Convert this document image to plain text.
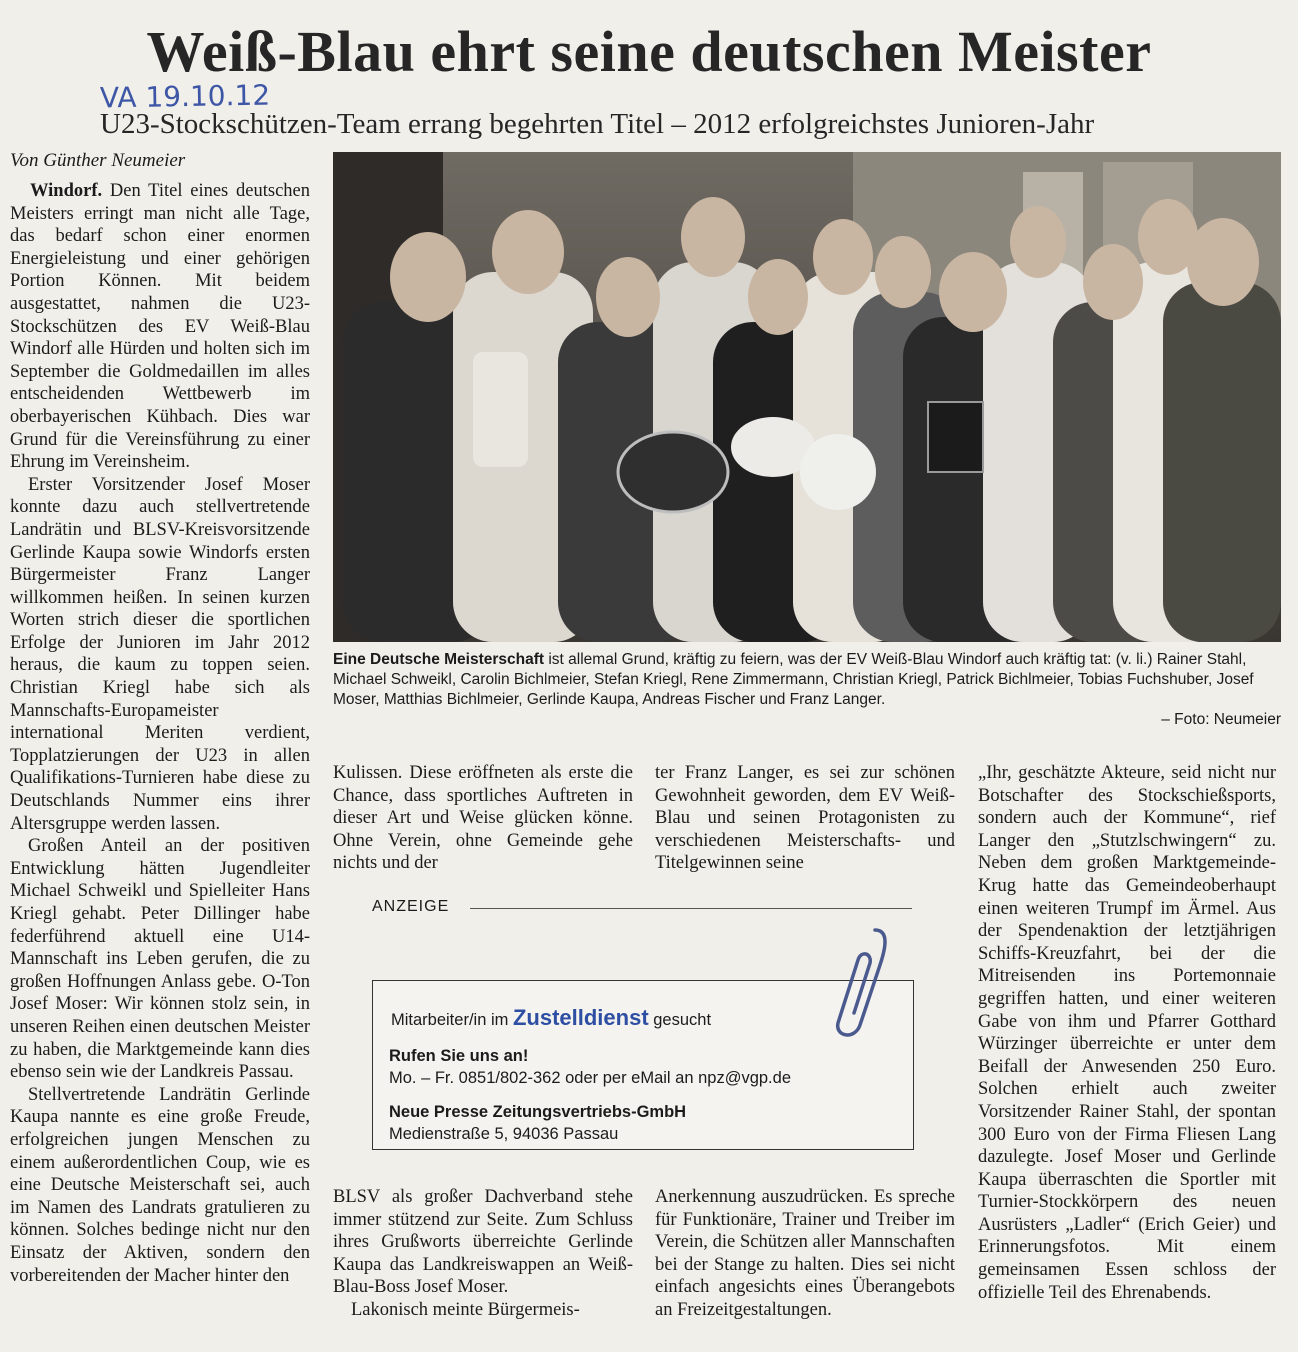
Weiß-Blau ehrt seine deutschen Meister
VA 19.10.12
U23-Stockschützen-Team errang begehrten Titel – 2012 erfolgreichstes Junioren-Jahr
Von Günther Neumeier

Windorf. Den Titel eines deutschen Meisters erringt man nicht alle Tage, das bedarf schon einer enormen Energieleistung und einer gehörigen Portion Können. Mit beidem ausgestattet, nahmen die U23-Stockschützen des EV Weiß-Blau Windorf alle Hürden und holten sich im September die Goldmedaillen im alles entscheidenden Wettbewerb im oberbayerischen Kühbach. Dies war Grund für die Vereinsführung zu einer Ehrung im Vereinsheim.

Erster Vorsitzender Josef Moser konnte dazu auch stellvertretende Landrätin und BLSV-Kreisvorsitzende Gerlinde Kaupa sowie Windorfs ersten Bürgermeister Franz Langer willkommen heißen. In seinen kurzen Worten strich dieser die sportlichen Erfolge der Junioren im Jahr 2012 heraus, die kaum zu toppen seien. Christian Kriegl habe sich als Mannschafts-Europameister international Meriten verdient, Topplatzierungen der U23 in allen Qualifikations-Turnieren habe diese zu Deutschlands Nummer eins ihrer Altersgruppe werden lassen.

Großen Anteil an der positiven Entwicklung hätten Jugendleiter Michael Schweikl und Spielleiter Hans Kriegl gehabt. Peter Dillinger habe federführend aktuell eine U14-Mannschaft ins Leben gerufen, die zu großen Hoffnungen Anlass gebe. O-Ton Josef Moser: Wir können stolz sein, in unseren Reihen einen deutschen Meister zu haben, die Marktgemeinde kann dies ebenso sein wie der Landkreis Passau.

Stellvertretende Landrätin Gerlinde Kaupa nannte es eine große Freude, erfolgreichen jungen Menschen zu einem außerordentlichen Coup, wie es eine Deutsche Meisterschaft sei, auch im Namen des Landrats gratulieren zu können. Solches bedinge nicht nur den Einsatz der Aktiven, sondern den vorbereitenden der Macher hinter den

Eine Deutsche Meisterschaft ist allemal Grund, kräftig zu feiern, was der EV Weiß-Blau Windorf auch kräftig tat: (v. li.) Rainer Stahl, Michael Schweikl, Carolin Bichlmeier, Stefan Kriegl, Rene Zimmermann, Christian Kriegl, Patrick Bichlmeier, Tobias Fuchshuber, Josef Moser, Matthias Bichlmeier, Gerlinde Kaupa, Andreas Fischer und Franz Langer.
– Foto: Neumeier

Kulissen. Diese eröffneten als erste die Chance, dass sportliches Auftreten in dieser Art und Weise glücken könne. Ohne Verein, ohne Gemeinde gehe nichts und der

ter Franz Langer, es sei zur schönen Gewohnheit geworden, dem EV Weiß-Blau und seinen Protagonisten zu verschiedenen Meisterschafts- und Titelgewinnen seine

„Ihr, geschätzte Akteure, seid nicht nur Botschafter des Stockschießsports, sondern auch der Kommune“, rief Langer den „Stutzlschwingern“ zu. Neben dem großen Marktgemeinde-Krug hatte das Gemeindeoberhaupt einen weiteren Trumpf im Ärmel. Aus der Spendenaktion der letztjährigen Schiffs-Kreuzfahrt, bei der die Mitreisenden ins Portemonnaie gegriffen hatten, und einer weiteren Gabe von ihm und Pfarrer Gotthard Würzinger überreichte er unter dem Beifall der Anwesenden 250 Euro. Solchen erhielt auch zweiter Vorsitzender Rainer Stahl, der spontan 300 Euro von der Firma Fliesen Lang dazulegte. Josef Moser und Gerlinde Kaupa überraschten die Sportler mit Turnier-Stockkörpern des neuen Ausrüsters „Ladler“ (Erich Geier) und Erinnerungsfotos. Mit einem gemeinsamen Essen schloss der offizielle Teil des Ehrenabends.

ANZEIGE
Mitarbeiter/in im Zustelldienst gesucht
Rufen Sie uns an!
Mo. – Fr. 0851/802-362 oder per eMail an npz@vgp.de
Neue Presse Zeitungsvertriebs-GmbH
Medienstraße 5, 94036 Passau

BLSV als großer Dachverband stehe immer stützend zur Seite. Zum Schluss ihres Grußworts überreichte Gerlinde Kaupa das Landkreiswappen an Weiß-Blau-Boss Josef Moser.

Lakonisch meinte Bürgermeis-

Anerkennung auszudrücken. Es spreche für Funktionäre, Trainer und Treiber im Verein, die Schützen aller Mannschaften bei der Stange zu halten. Dies sei nicht einfach angesichts eines Überangebots an Freizeitgestaltungen.
